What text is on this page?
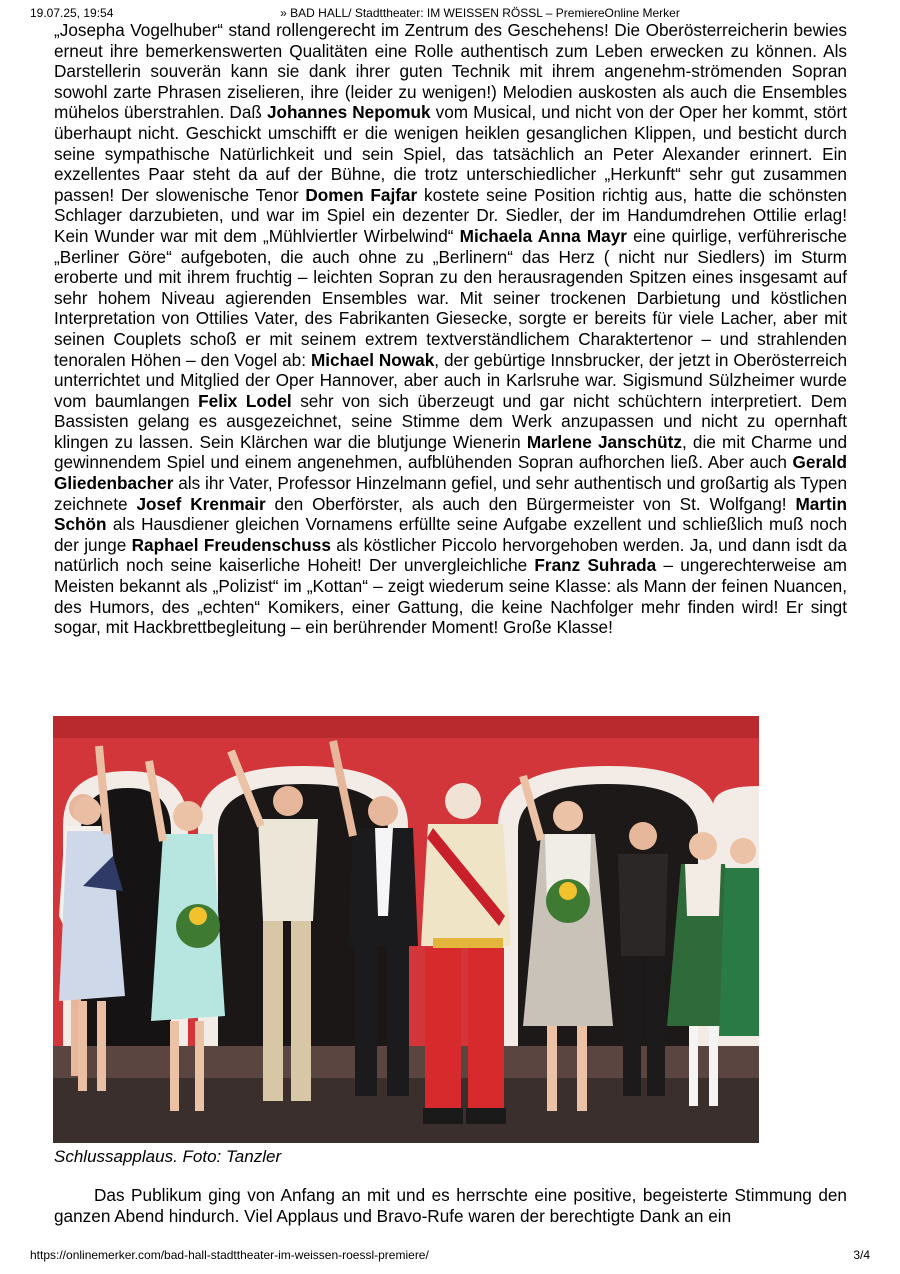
19.07.25, 19:54	» BAD HALL/ Stadttheater: IM WEISSEN RÖSSL – PremiereOnline Merker

„Josepha Vogelhuber“ stand rollengerecht im Zentrum des Geschehens! Die Oberösterreicherin bewies erneut ihre bemerkenswerten Qualitäten eine Rolle authentisch zum Leben erwecken zu können. Als Darstellerin souverän kann sie dank ihrer guten Technik mit ihrem angenehm-strömenden Sopran sowohl zarte Phrasen ziselieren, ihre (leider zu wenigen!) Melodien auskosten als auch die Ensembles mühelos überstrahlen. Daß Johannes Nepomuk vom Musical, und nicht von der Oper her kommt, stört überhaupt nicht. Geschickt umschifft er die wenigen heiklen gesanglichen Klippen, und besticht durch seine sympathische Natürlichkeit und sein Spiel, das tatsächlich an Peter Alexander erinnert. Ein exzellentes Paar steht da auf der Bühne, die trotz unterschiedlicher „Herkunft“ sehr gut zusammen passen! Der slowenische Tenor Domen Fajfar kostete seine Position richtig aus, hatte die schönsten Schlager darzubieten, und war im Spiel ein dezenter Dr. Siedler, der im Handumdrehen Ottilie erlag! Kein Wunder war mit dem „Mühlviertler Wirbelwind“ Michaela Anna Mayr eine quirlige, verführerische „Berliner Göre“ aufgeboten, die auch ohne zu „Berlinern“ das Herz ( nicht nur Siedlers) im Sturm eroberte und mit ihrem fruchtig – leichten Sopran zu den herausragenden Spitzen eines insgesamt auf sehr hohem Niveau agierenden Ensembles war. Mit seiner trockenen Darbietung und köstlichen Interpretation von Ottilies Vater, des Fabrikanten Giesecke, sorgte er bereits für viele Lacher, aber mit seinen Couplets schoß er mit seinem extrem textverständlichem Charaktertenor – und strahlenden tenoralen Höhen – den Vogel ab: Michael Nowak, der gebürtige Innsbrucker, der jetzt in Oberösterreich unterrichtet und Mitglied der Oper Hannover, aber auch in Karlsruhe war. Sigismund Sülzheimer wurde vom baumlangen Felix Lodel sehr von sich überzeugt und gar nicht schüchtern interpretiert. Dem Bassisten gelang es ausgezeichnet, seine Stimme dem Werk anzupassen und nicht zu opernhaft klingen zu lassen. Sein Klärchen war die blutjunge Wienerin Marlene Janschütz, die mit Charme und gewinnendem Spiel und einem angenehmen, aufblühenden Sopran aufhorchen ließ. Aber auch Gerald Gliedenbacher als ihr Vater, Professor Hinzelmann gefiel, und sehr authentisch und großartig als Typen zeichnete Josef Krenmair den Oberförster, als auch den Bürgermeister von St. Wolfgang! Martin Schön als Hausdiener gleichen Vornamens erfüllte seine Aufgabe exzellent und schließlich muß noch der junge Raphael Freudenschuss als köstlicher Piccolo hervorgehoben werden. Ja, und dann isdt da natürlich noch seine kaiserliche Hoheit! Der unvergleichliche Franz Suhrada – ungerechterweise am Meisten bekannt als „Polizist“ im „Kottan“ – zeigt wiederum seine Klasse: als Mann der feinen Nuancen, des Humors, des „echten“ Komikers, einer Gattung, die keine Nachfolger mehr finden wird! Er singt sogar, mit Hackbrettbegleitung – ein berührender Moment! Große Klasse!

Schlussapplaus. Foto: Tanzler

Das Publikum ging von Anfang an mit und es herrschte eine positive, begeisterte Stimmung den ganzen Abend hindurch. Viel Applaus und Bravo-Rufe waren der berechtigte Dank an ein

https://onlinemerker.com/bad-hall-stadttheater-im-weissen-roessl-premiere/	3/4
